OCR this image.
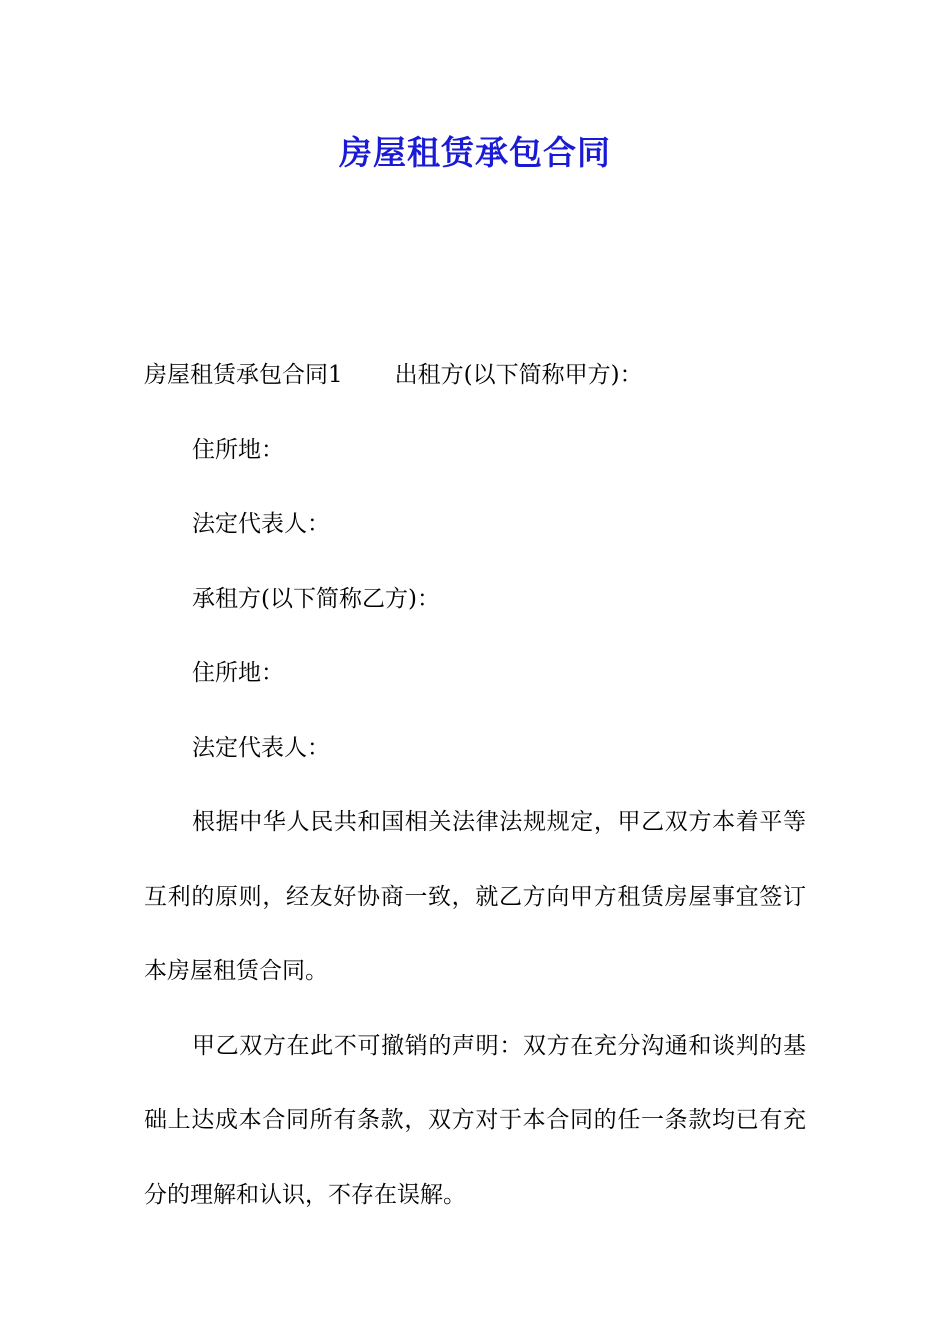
房屋租赁承包合同

房屋租赁承包合同1 出租方(以下简称甲方)：

住所地：

法定代表人：

承租方(以下简称乙方)：

住所地：

法定代表人：

根据中华人民共和国相关法律法规规定，甲乙双方本着平等互利的原则，经友好协商一致，就乙方向甲方租赁房屋事宜签订本房屋租赁合同。

甲乙双方在此不可撤销的声明：双方在充分沟通和谈判的基础上达成本合同所有条款，双方对于本合同的任一条款均已有充分的理解和认识，不存在误解。
